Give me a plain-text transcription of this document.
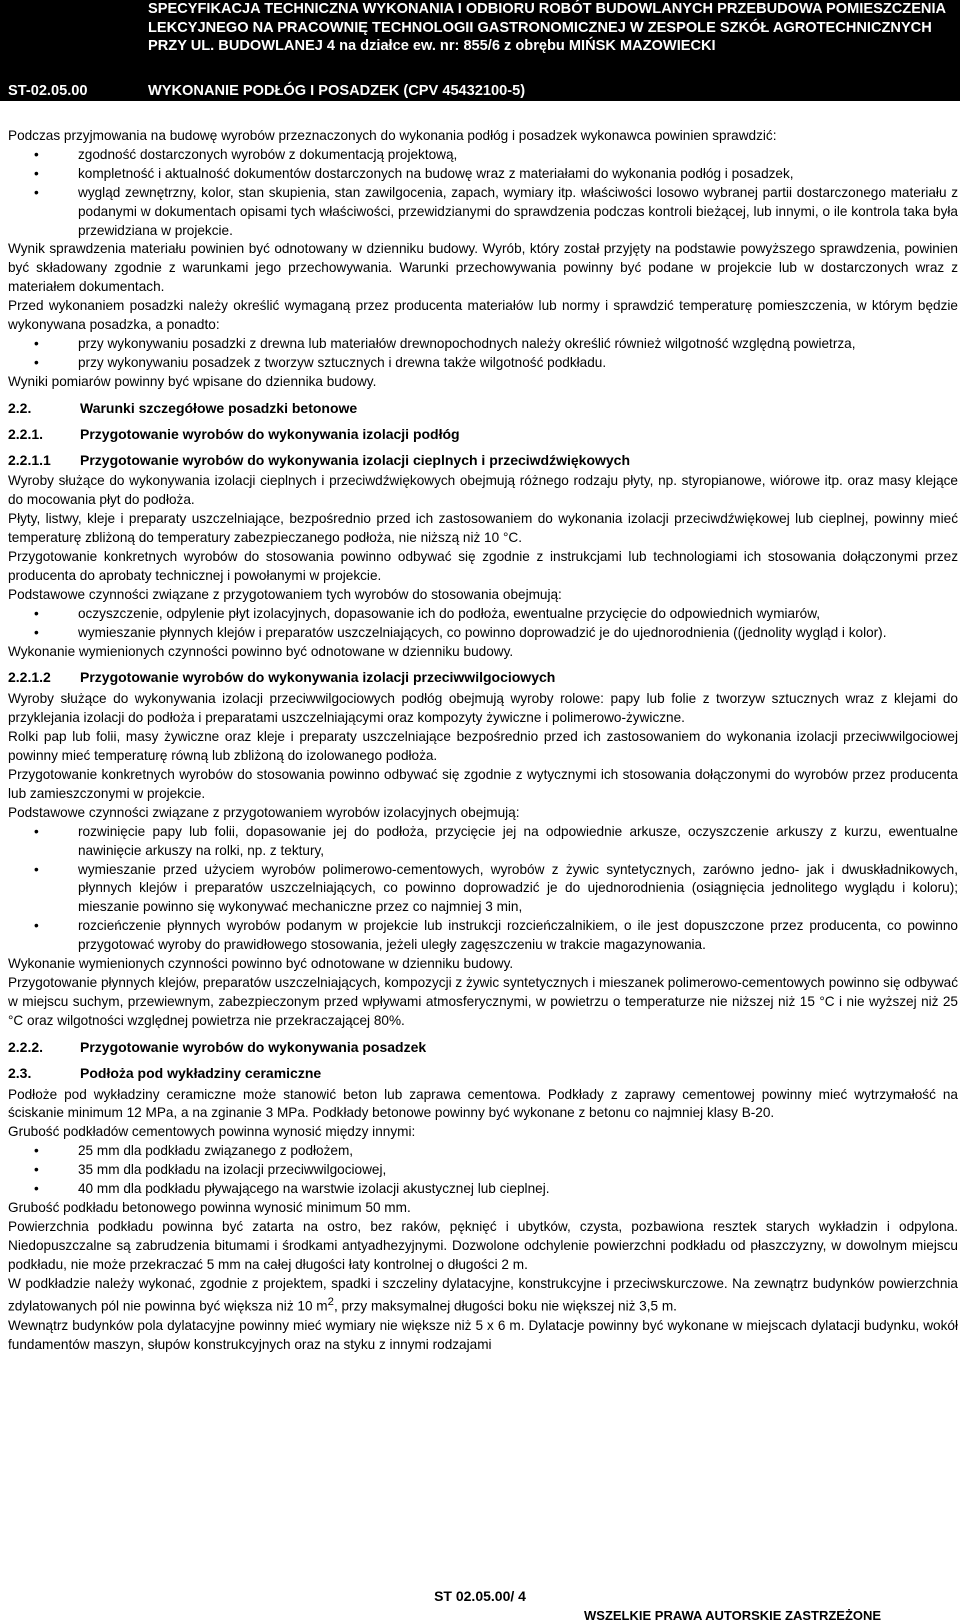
SPECYFIKACJA TECHNICZNA WYKONANIA I ODBIORU ROBÓT BUDOWLANYCH PRZEBUDOWA POMIESZCZENIA LEKCYJNEGO NA PRACOWNIĘ TECHNOLOGII GASTRONOMICZNEJ W ZESPOLE SZKÓŁ AGROTECHNICZNYCH PRZY UL. BUDOWLANEJ 4 na działce ew. nr: 855/6 z obrębu MIŃSK MAZOWIECKI
ST-02.05.00	WYKONANIE PODŁÓG I POSADZEK (CPV 45432100-5)

Podczas przyjmowania na budowę wyrobów przeznaczonych do wykonania podłóg i posadzek wykonawca powinien sprawdzić:

• zgodność dostarczonych wyrobów z dokumentacją projektową,
• kompletność i aktualność dokumentów dostarczonych na budowę wraz z materiałami do wykonania podłóg i posadzek,
• wygląd zewnętrzny, kolor, stan skupienia, stan zawilgocenia, zapach, wymiary itp. właściwości losowo wybranej partii dostarczonego materiału z podanymi w dokumentach opisami tych właściwości, przewidzianymi do sprawdzenia podczas kontroli bieżącej, lub innymi, o ile kontrola taka była przewidziana w projekcie.

Wynik sprawdzenia materiału powinien być odnotowany w dzienniku budowy. Wyrób, który został przyjęty na podstawie powyższego sprawdzenia, powinien być składowany zgodnie z warunkami jego przechowywania. Warunki przechowywania powinny być podane w projekcie lub w dostarczonych wraz z materiałem dokumentach.

Przed wykonaniem posadzki należy określić wymaganą przez producenta materiałów lub normy i sprawdzić temperaturę pomieszczenia, w którym będzie wykonywana posadzka, a ponadto:

• przy wykonywaniu posadzki z drewna lub materiałów drewnopochodnych należy określić również wilgotność względną powietrza,
• przy wykonywaniu posadzek z tworzyw sztucznych i drewna także wilgotność podkładu.

Wyniki pomiarów powinny być wpisane do dziennika budowy.

2.2.	Warunki szczegółowe posadzki betonowe
2.2.1.	Przygotowanie wyrobów do wykonywania izolacji podłóg
2.2.1.1	Przygotowanie wyrobów do wykonywania izolacji cieplnych i przeciwdźwiękowych

Wyroby służące do wykonywania izolacji cieplnych i przeciwdźwiękowych obejmują różnego rodzaju płyty, np. styropianowe, wiórowe itp. oraz masy klejące do mocowania płyt do podłoża.

Płyty, listwy, kleje i preparaty uszczelniające, bezpośrednio przed ich zastosowaniem do wykonania izolacji przeciwdźwiękowej lub cieplnej, powinny mieć temperaturę zbliżoną do temperatury zabezpieczanego podłoża, nie niższą niż 10 °C.

Przygotowanie konkretnych wyrobów do stosowania powinno odbywać się zgodnie z instrukcjami lub technologiami ich stosowania dołączonymi przez producenta do aprobaty technicznej i powołanymi w projekcie.

Podstawowe czynności związane z przygotowaniem tych wyrobów do stosowania obejmują:

• oczyszczenie, odpylenie płyt izolacyjnych, dopasowanie ich do podłoża, ewentualne przycięcie do odpowiednich wymiarów,
• wymieszanie płynnych klejów i preparatów uszczelniających, co powinno doprowadzić je do ujednorodnienia ((jednolity wygląd i kolor).

Wykonanie wymienionych czynności powinno być odnotowane w dzienniku budowy.

2.2.1.2	Przygotowanie wyrobów do wykonywania izolacji przeciwwilgociowych

Wyroby służące do wykonywania izolacji przeciwwilgociowych podłóg obejmują wyroby rolowe: papy lub folie z tworzyw sztucznych wraz z klejami do przyklejania izolacji do podłoża i preparatami uszczelniającymi oraz kompozyty żywiczne i polimerowo-żywiczne.

Rolki pap lub folii, masy żywiczne oraz kleje i preparaty uszczelniające bezpośrednio przed ich zastosowaniem do wykonania izolacji przeciwwilgociowej powinny mieć temperaturę równą lub zbliżoną do izolowanego podłoża.

Przygotowanie konkretnych wyrobów do stosowania powinno odbywać się zgodnie z wytycznymi ich stosowania dołączonymi do wyrobów przez producenta lub zamieszczonymi w projekcie.

Podstawowe czynności związane z przygotowaniem wyrobów izolacyjnych obejmują:

• rozwinięcie papy lub folii, dopasowanie jej do podłoża, przycięcie jej na odpowiednie arkusze, oczyszczenie arkuszy z kurzu, ewentualne nawinięcie arkuszy na rolki, np. z tektury,
• wymieszanie przed użyciem wyrobów polimerowo-cementowych, wyrobów z żywic syntetycznych, zarówno jedno- jak i dwuskładnikowych, płynnych klejów i preparatów uszczelniających, co powinno doprowadzić je do ujednorodnienia (osiągnięcia jednolitego wyglądu i koloru); mieszanie powinno się wykonywać mechaniczne przez co najmniej 3 min,
• rozcieńczenie płynnych wyrobów podanym w projekcie lub instrukcji rozcieńczalnikiem, o ile jest dopuszczone przez producenta, co powinno przygotować wyroby do prawidłowego stosowania, jeżeli uległy zagęszczeniu w trakcie magazynowania.

Wykonanie wymienionych czynności powinno być odnotowane w dzienniku budowy.

Przygotowanie płynnych klejów, preparatów uszczelniających, kompozycji z żywic syntetycznych i mieszanek polimerowo-cementowych powinno się odbywać w miejscu suchym, przewiewnym, zabezpieczonym przed wpływami atmosferycznymi, w powietrzu o temperaturze nie niższej niż 15 °C i nie wyższej niż 25 °C oraz wilgotności względnej powietrza nie przekraczającej 80%.

2.2.2.	Przygotowanie wyrobów do wykonywania posadzek
2.3.	Podłoża pod wykładziny ceramiczne

Podłoże pod wykładziny ceramiczne może stanowić beton lub zaprawa cementowa. Podkłady z zaprawy cementowej powinny mieć wytrzymałość na ściskanie minimum 12 MPa, a na zginanie 3 MPa. Podkłady betonowe powinny być wykonane z betonu co najmniej klasy B-20.

Grubość podkładów cementowych powinna wynosić między innymi:

• 25 mm dla podkładu związanego z podłożem,
• 35 mm dla podkładu na izolacji przeciwwilgociowej,
• 40 mm dla podkładu pływającego na warstwie izolacji akustycznej lub cieplnej.

Grubość podkładu betonowego powinna wynosić minimum 50 mm.

Powierzchnia podkładu powinna być zatarta na ostro, bez raków, pęknięć i ubytków, czysta, pozbawiona resztek starych wykładzin i odpylona. Niedopuszczalne są zabrudzenia bitumami i środkami antyadhezyjnymi. Dozwolone odchylenie powierzchni podkładu od płaszczyzny, w dowolnym miejscu podkładu, nie może przekraczać 5 mm na całej długości łaty kontrolnej o długości 2 m.

W podkładzie należy wykonać, zgodnie z projektem, spadki i szczeliny dylatacyjne, konstrukcyjne i przeciwskurczowe. Na zewnątrz budynków powierzchnia zdylatowanych pól nie powinna być większa niż 10 $m^2$, przy maksymalnej długości boku nie większej niż 3,5 m.

Wewnątrz budynków pola dylatacyjne powinny mieć wymiary nie większe niż 5 x 6 m. Dylatacje powinny być wykonane w miejscach dylatacji budynku, wokół fundamentów maszyn, słupów konstrukcyjnych oraz na styku z innymi rodzajami

ST 02.05.00/ 4
WSZELKIE PRAWA AUTORSKIE ZASTRZEŻONE
